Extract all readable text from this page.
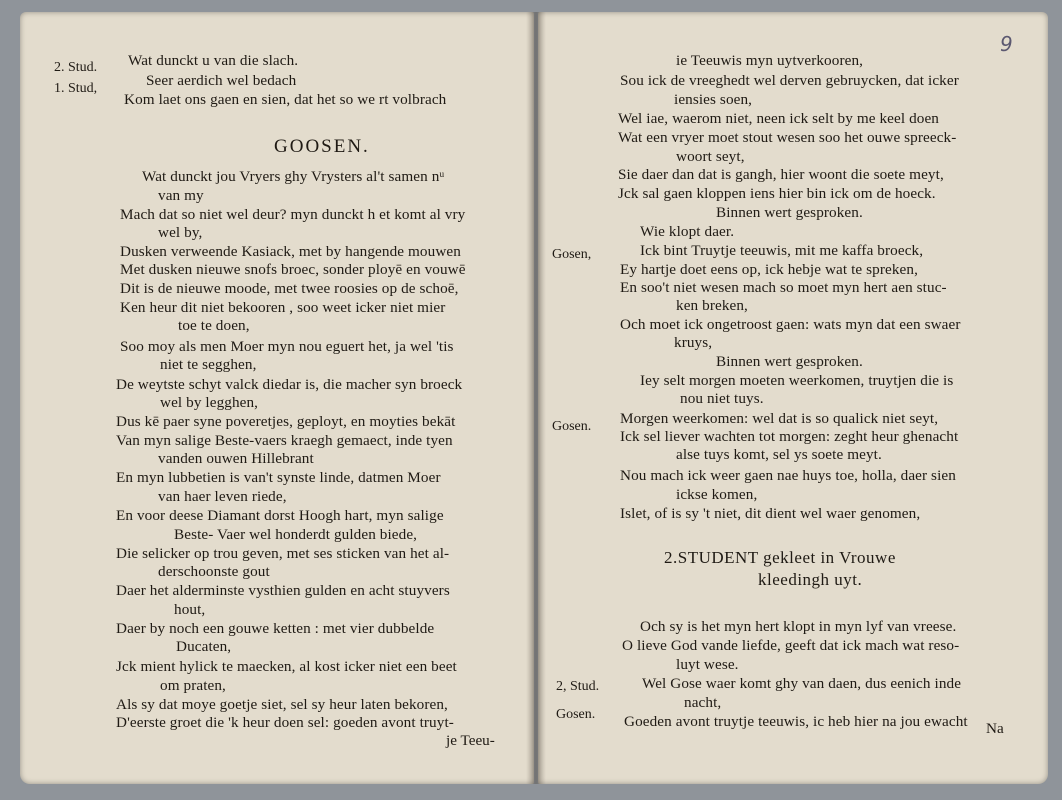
2. Stud.
1. Stud,
Wat dunckt u van die slach.
Seer aerdich wel bedach
Kom laet ons gaen en sien, dat het so we rt volbrach
GOOSEN.
Wat dunckt jou Vryers ghy Vrysters al't samen nᵘ
van my
Mach dat so niet wel deur? myn dunckt h et komt al vry
wel by,
Dusken verweende Kasiack, met by hangende mouwen
Met dusken nieuwe snofs broec, sonder ployē en vouwē
Dit is de nieuwe moode, met twee roosies op de schoē,
Ken heur dit niet bekooren , soo weet icker niet mier
toe te doen,
Soo moy als men Moer myn nou eguert het, ja wel 'tis
niet te segghen,
De weytste schyt valck diedar is, die macher syn broeck
wel by legghen,
Dus kē paer syne poveretjes, geployt, en moyties bekāt
Van myn salige Beste-vaers kraegh gemaect, inde tyen
vanden ouwen Hillebrant
En myn lubbetien is van't synste linde, datmen Moer
van haer leven riede,
En voor deese Diamant dorst Hoogh hart, myn salige
Beste- Vaer wel honderdt gulden biede,
Die selicker op trou geven, met ses sticken van het al-
derschoonste gout
Daer het alderminste vysthien gulden en acht stuyvers
hout,
Daer by noch een gouwe ketten : met vier dubbelde
Ducaten,
Jck mient hylick te maecken, al kost icker niet een beet
om praten,
Als sy dat moye goetje siet, sel sy heur laten bekoren,
D'eerste groet die 'k heur doen sel: goeden avont truyt-
je Teeu-
9
ie Teeuwis myn uytverkooren,
Sou ick de vreeghedt wel derven gebruycken, dat icker
iensies soen,
Wel iae, waerom niet, neen ick selt by me keel doen
Wat een vryer moet stout wesen soo het ouwe spreeck-
woort seyt,
Sie daer dan dat is gangh, hier woont die soete meyt,
Jck sal gaen kloppen iens hier bin ick om de hoeck.
Binnen wert gesproken.
Wie klopt daer.
Ick bint Truytje teeuwis, mit me kaffa broeck,
Ey hartje doet eens op, ick hebje wat te spreken,
En soo't niet wesen mach so moet myn hert aen stuc-
ken breken,
Och moet ick ongetroost gaen: wats myn dat een swaer
kruys,
Binnen wert gesproken.
Iey selt morgen moeten weerkomen, truytjen die is
nou niet tuys.
Morgen weerkomen: wel dat is so qualick niet seyt,
Ick sel liever wachten tot morgen: zeght heur ghenacht
alse tuys komt, sel ys soete meyt.
Nou mach ick weer gaen nae huys toe, holla, daer sien
ickse komen,
Islet, of is sy 't niet, dit dient wel waer genomen,
Gosen,
Gosen.
2.STUDENT gekleet in Vrouwe
kleedingh uyt.
Och sy is het myn hert klopt in myn lyf van vreese.
O lieve God vande liefde, geeft dat ick mach wat reso-
luyt wese.
Wel Gose waer komt ghy van daen, dus eenich inde
nacht,
Goeden avont truytje teeuwis, ic heb hier na jou ewacht
2, Stud.
Gosen.
Na
